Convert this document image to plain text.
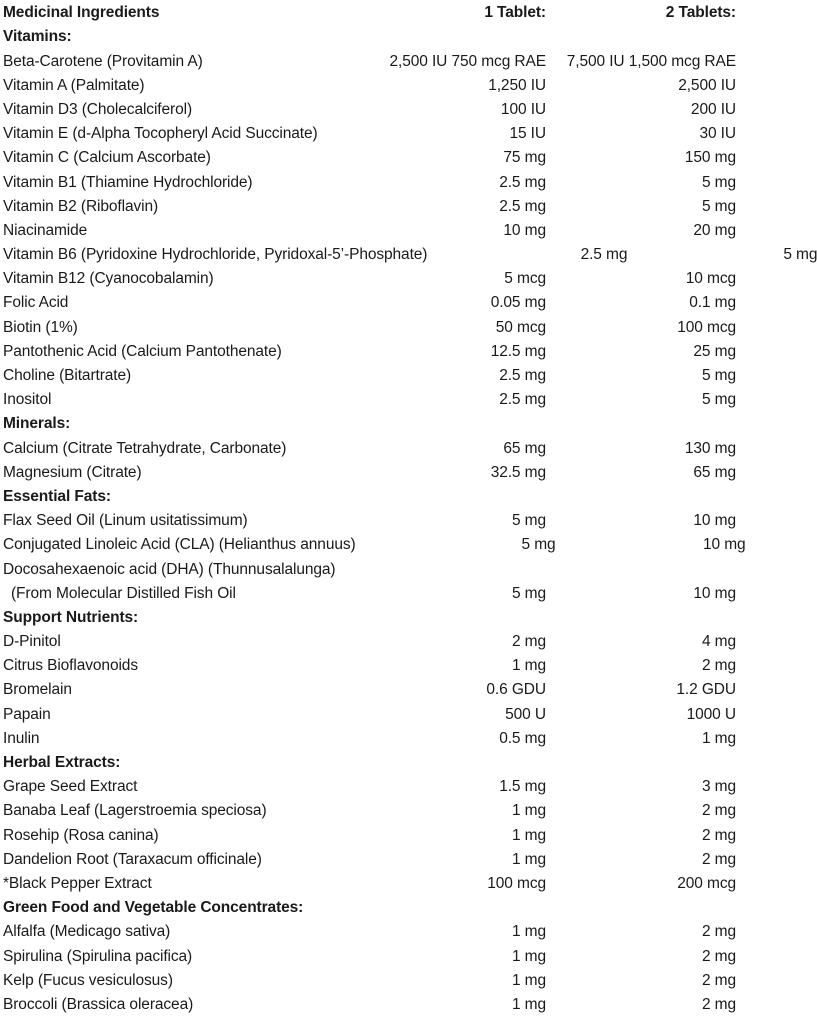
Medicinal Ingredients	1 Tablet:	2 Tablets:
Vitamins:
Beta-Carotene (Provitamin A)	2,500 IU 750 mcg RAE	7,500 IU 1,500 mcg RAE
Vitamin A (Palmitate)	1,250 IU	2,500 IU
Vitamin D3 (Cholecalciferol)	100 IU	200 IU
Vitamin E (d-Alpha Tocopheryl Acid Succinate)	15 IU	30 IU
Vitamin C (Calcium Ascorbate)	75 mg	150 mg
Vitamin B1 (Thiamine Hydrochloride)	2.5 mg	5 mg
Vitamin B2 (Riboflavin)	2.5 mg	5 mg
Niacinamide	10 mg	20 mg
Vitamin B6 (Pyridoxine Hydrochloride, Pyridoxal-5’-Phosphate)	2.5 mg	5 mg
Vitamin B12 (Cyanocobalamin)	5 mcg	10 mcg
Folic Acid	0.05 mg	0.1 mg
Biotin (1%)	50 mcg	100 mcg
Pantothenic Acid (Calcium Pantothenate)	12.5 mg	25 mg
Choline (Bitartrate)	2.5 mg	5 mg
Inositol	2.5 mg	5 mg
Minerals:
Calcium (Citrate Tetrahydrate, Carbonate)	65 mg	130 mg
Magnesium (Citrate)	32.5 mg	65 mg
Essential Fats:
Flax Seed Oil (Linum usitatissimum)	5 mg	10 mg
Conjugated Linoleic Acid (CLA) (Helianthus annuus)	5 mg	10 mg
Docosahexaenoic acid (DHA) (Thunnusalalunga)
(From Molecular Distilled Fish Oil	5 mg	10 mg
Support Nutrients:
D-Pinitol	2 mg	4 mg
Citrus Bioflavonoids	1 mg	2 mg
Bromelain	0.6 GDU	1.2 GDU
Papain	500 U	1000 U
Inulin	0.5 mg	1 mg
Herbal Extracts:
Grape Seed Extract	1.5 mg	3 mg
Banaba Leaf (Lagerstroemia speciosa)	1 mg	2 mg
Rosehip (Rosa canina)	1 mg	2 mg
Dandelion Root (Taraxacum officinale)	1 mg	2 mg
*Black Pepper Extract	100 mcg	200 mcg
Green Food and Vegetable Concentrates:
Alfalfa (Medicago sativa)	1 mg	2 mg
Spirulina (Spirulina pacifica)	1 mg	2 mg
Kelp (Fucus vesiculosus)	1 mg	2 mg
Broccoli (Brassica oleracea)	1 mg	2 mg
